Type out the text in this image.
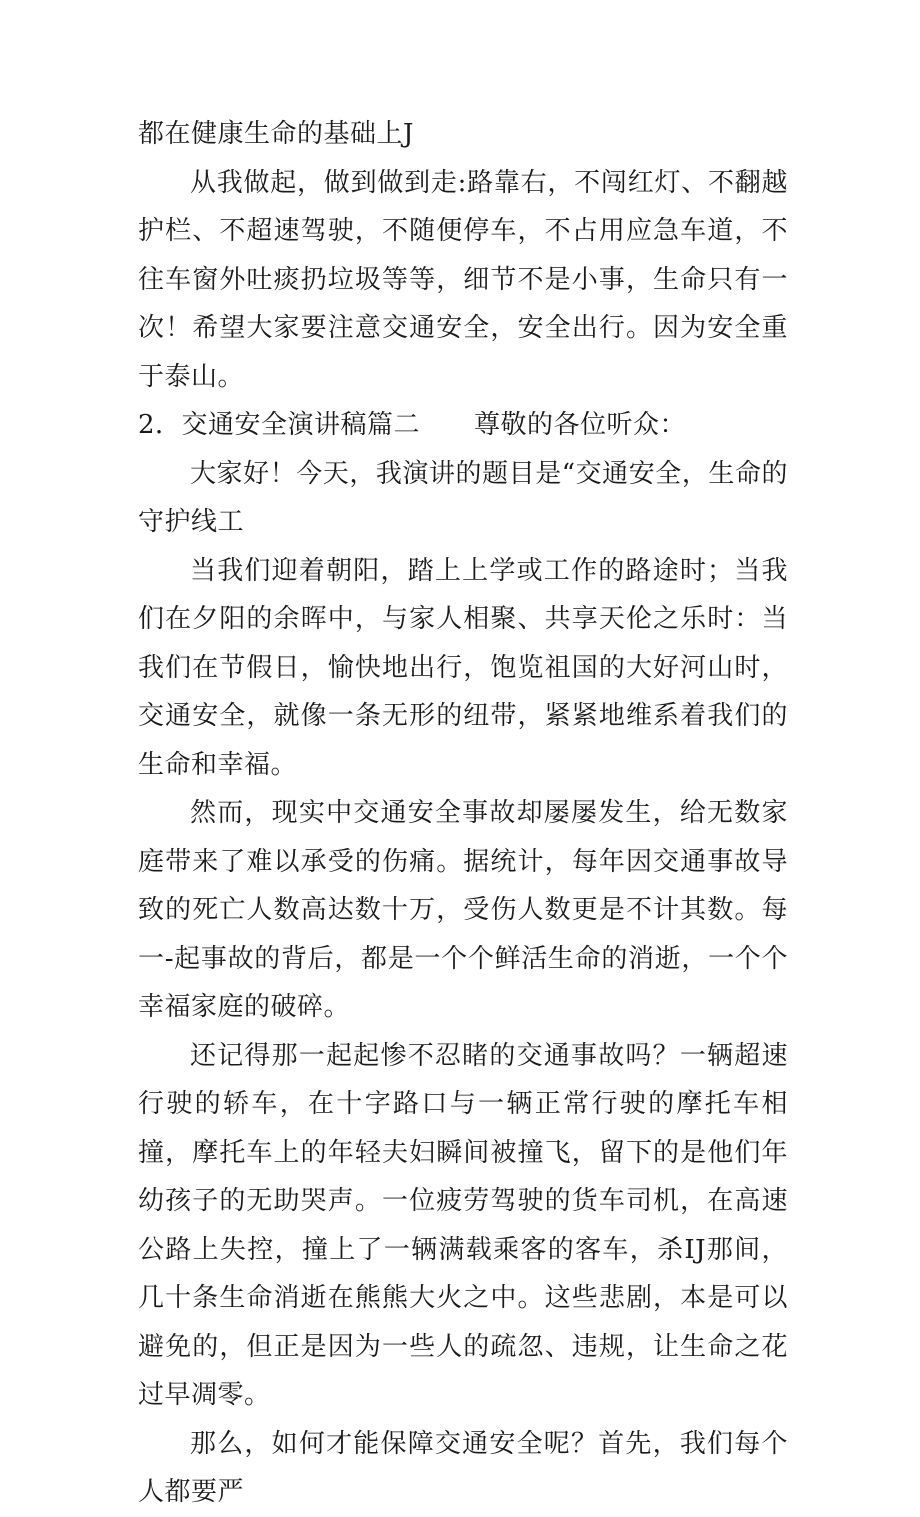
都在健康生命的基础上J

从我做起，做到做到走:路靠右，不闯红灯、不翻越护栏、不超速驾驶，不随便停车，不占用应急车道，不往车窗外吐痰扔垃圾等等，细节不是小事，生命只有一次！希望大家要注意交通安全，安全出行。因为安全重于泰山。

2．交通安全演讲稿篇二 尊敬的各位听众：

大家好！今天，我演讲的题目是“交通安全，生命的守护线工

当我们迎着朝阳，踏上上学或工作的路途时；当我们在夕阳的余晖中，与家人相聚、共享天伦之乐时：当我们在节假日，愉快地出行，饱览祖国的大好河山时，交通安全，就像一条无形的纽带，紧紧地维系着我们的生命和幸福。

然而，现实中交通安全事故却屡屡发生，给无数家庭带来了难以承受的伤痛。据统计，每年因交通事故导致的死亡人数高达数十万，受伤人数更是不计其数。每一-起事故的背后，都是一个个鲜活生命的消逝，一个个幸福家庭的破碎。

还记得那一起起惨不忍睹的交通事故吗？一辆超速行驶的轿车，在十字路口与一辆正常行驶的摩托车相撞，摩托车上的年轻夫妇瞬间被撞飞，留下的是他们年幼孩子的无助哭声。一位疲劳驾驶的货车司机，在高速公路上失控，撞上了一辆满载乘客的客车，杀IJ那间，几十条生命消逝在熊熊大火之中。这些悲剧，本是可以避免的，但正是因为一些人的疏忽、违规，让生命之花过早凋零。

那么，如何才能保障交通安全呢？首先，我们每个人都要严
